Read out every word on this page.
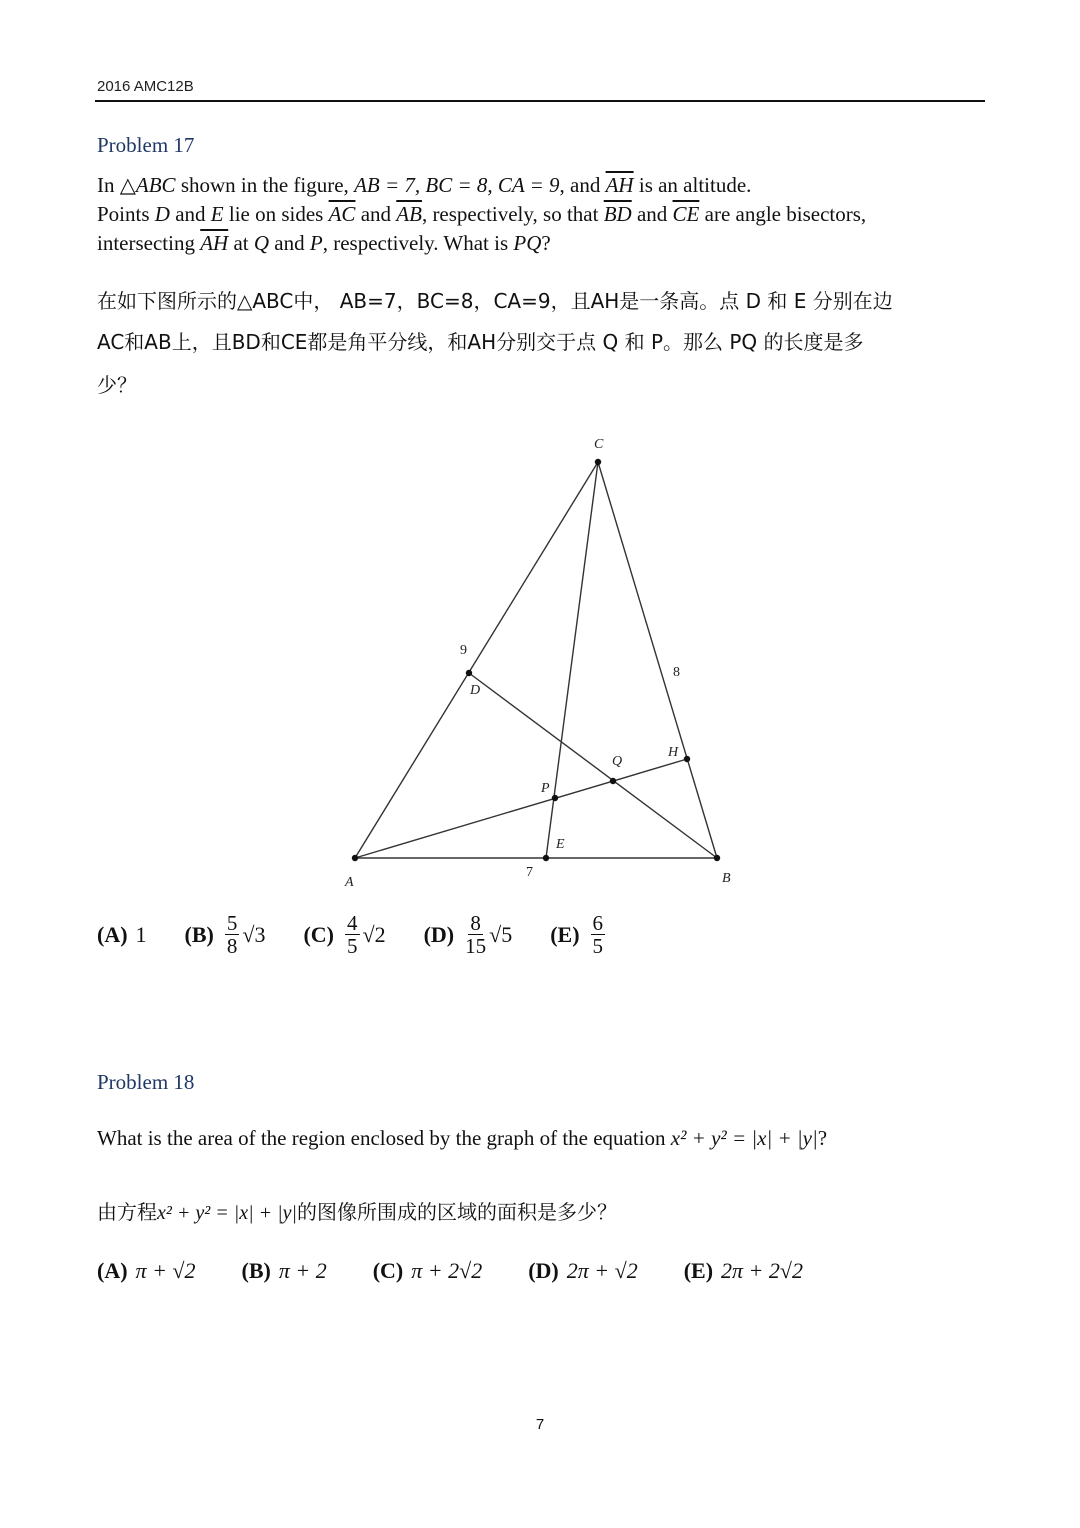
2016 AMC12B
Problem 17
In △ABC shown in the figure, AB = 7, BC = 8, CA = 9, and $\overline{AH}$ is an altitude.
Points D and E lie on sides $\overline{AC}$ and $\overline{AB}$, respectively, so that $\overline{BD}$ and $\overline{CE}$ are angle bisectors,
intersecting $\overline{AH}$ at Q and P, respectively. What is PQ?
在如下图所示的△ABC中， AB=7，BC=8，CA=9，且AH是一条高。点 D 和 E 分别在边
AC和AB上，且BD和CE都是角平分线，和AH分别交于点 Q 和 P。那么 PQ 的长度是多
少？
A	B
C
D
E
H
P
Q
7
8
9
(A) 1 $(B) \frac{5}{8} √3$ $(C) \frac{4}{5} √2$ $(D) \frac{8}{15} √5$ $(E) \frac{6}{5}$
Problem 18
What is the area of the region enclosed by the graph of the equation x² + y² = |x| + |y|?
由方程x² + y² = |x| + |y|的图像所围成的区域的面积是多少？
(A) π + √2 (B) π + 2 (C) π + 2√2 (D) 2π + √2 (E) 2π + 2√2
7
